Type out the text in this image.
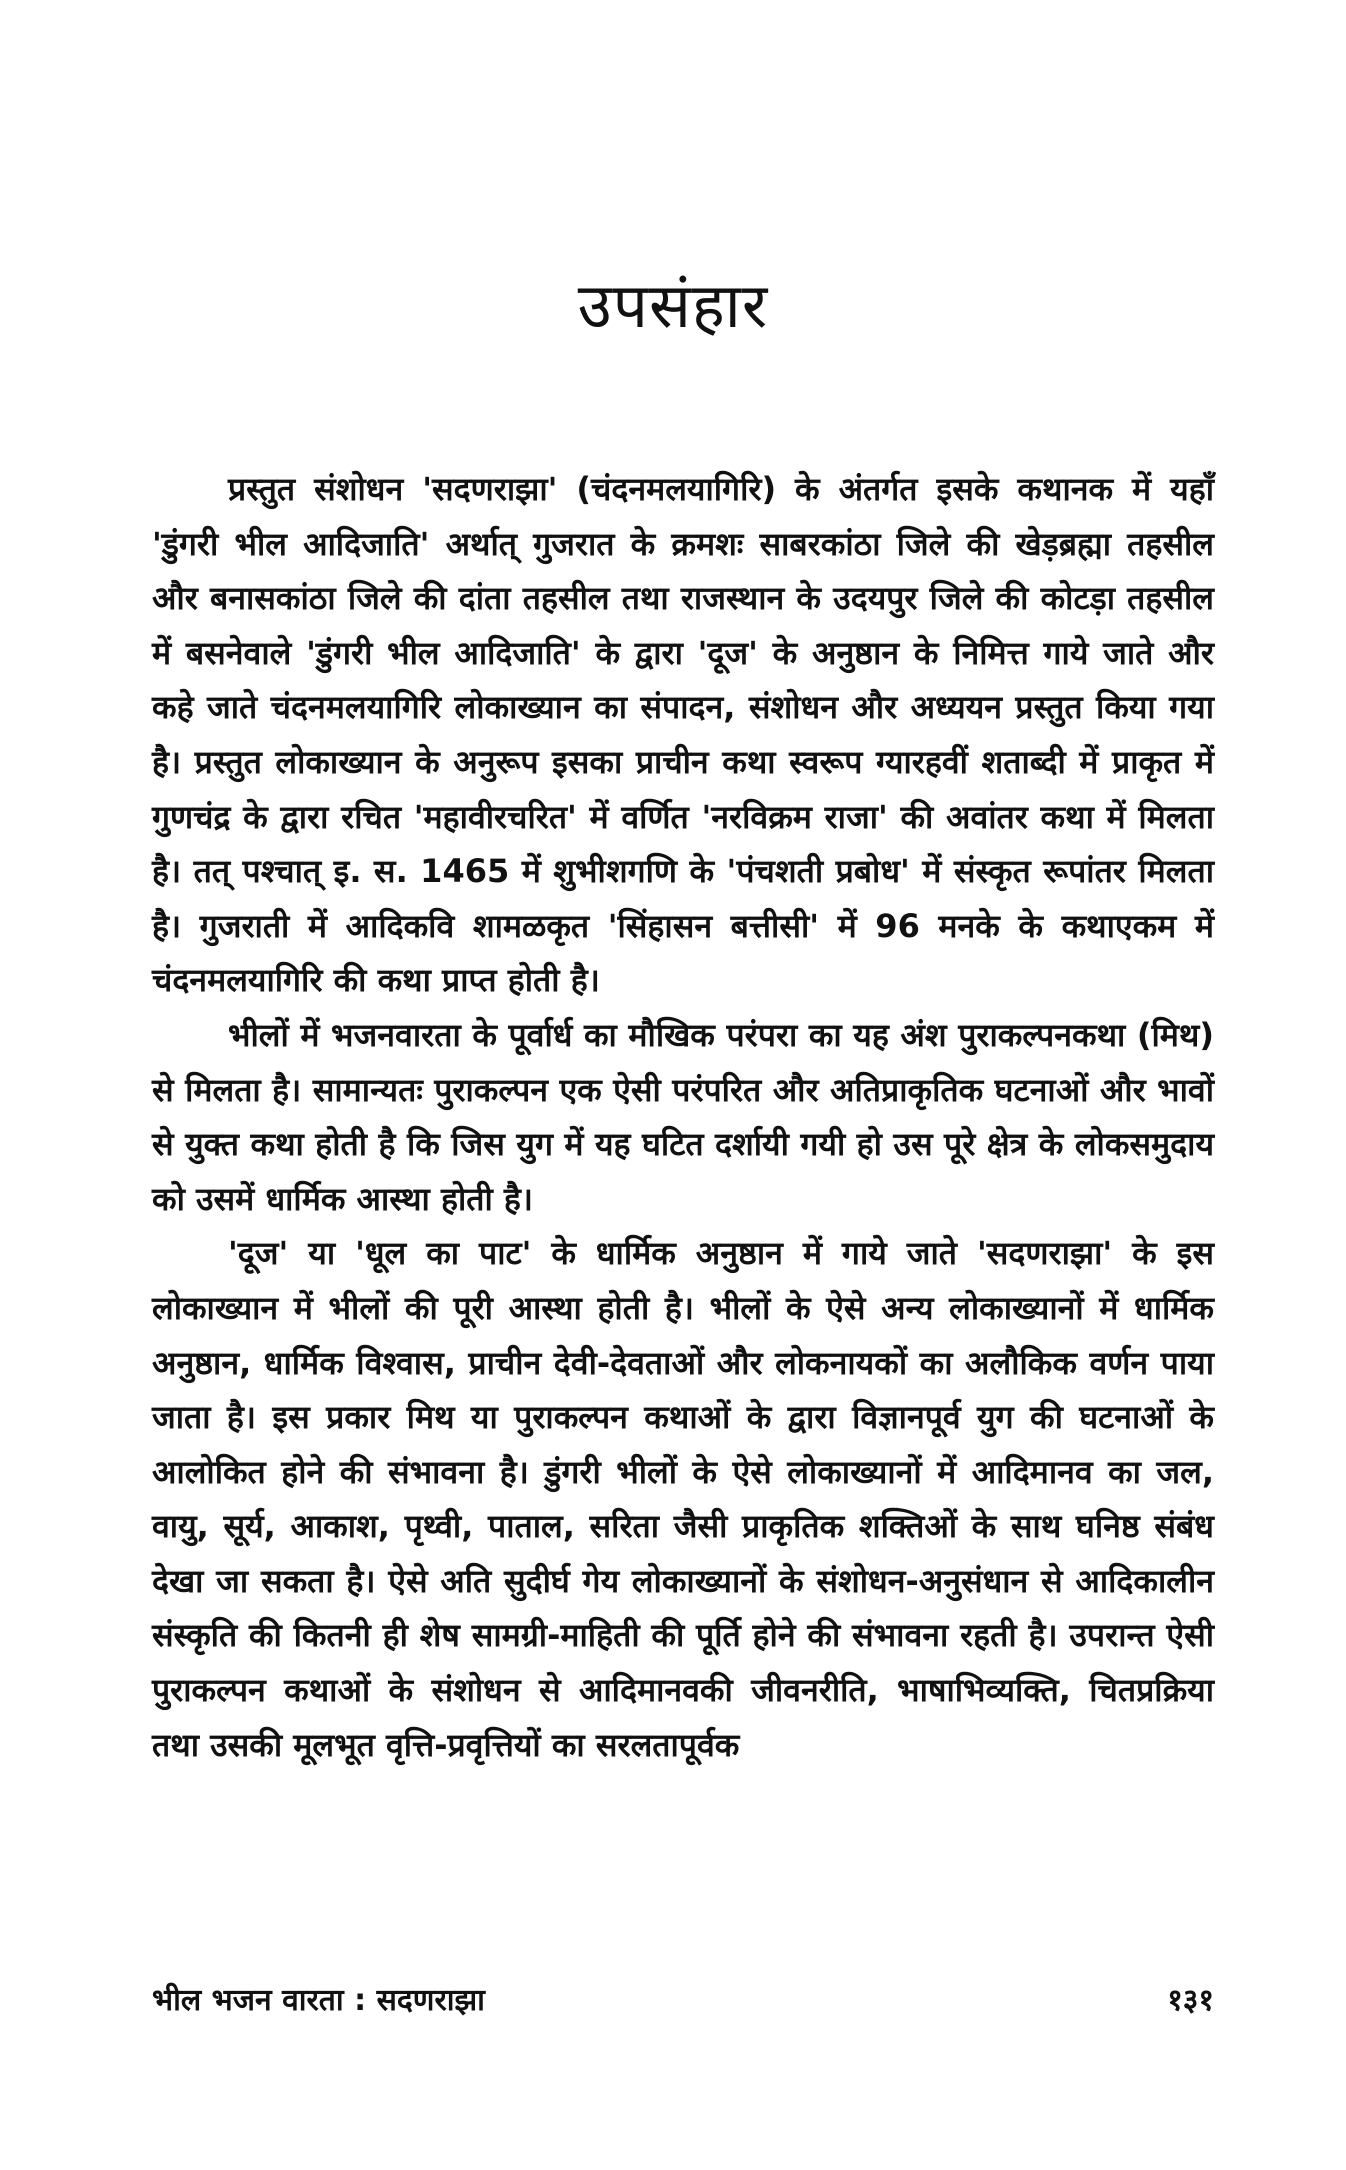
उपसंहार

प्रस्तुत संशोधन 'सदणराझा' (चंदनमलयागिरि) के अंतर्गत इसके कथानक में यहाँ 'डुंगरी भील आदिजाति' अर्थात् गुजरात के क्रमशः साबरकांठा जिले की खेड़ब्रह्मा तहसील और बनासकांठा जिले की दांता तहसील तथा राजस्थान के उदयपुर जिले की कोटड़ा तहसील में बसनेवाले 'डुंगरी भील आदिजाति' के द्वारा 'दूज' के अनुष्ठान के निमित्त गाये जाते और कहे जाते चंदनमलयागिरि लोकाख्यान का संपादन, संशोधन और अध्ययन प्रस्तुत किया गया है। प्रस्तुत लोकाख्यान के अनुरूप इसका प्राचीन कथा स्वरूप ग्यारहवीं शताब्दी में प्राकृत में गुणचंद्र के द्वारा रचित 'महावीरचरित' में वर्णित 'नरविक्रम राजा' की अवांतर कथा में मिलता है। तत् पश्चात् इ. स. 1465 में शुभीशगणि के 'पंचशती प्रबोध' में संस्कृत रूपांतर मिलता है। गुजराती में आदिकवि शामळकृत 'सिंहासन बत्तीसी' में 96 मनके के कथाएकम में चंदनमलयागिरि की कथा प्राप्त होती है।

भीलों में भजनवारता के पूर्वार्ध का मौखिक परंपरा का यह अंश पुराकल्पनकथा (मिथ) से मिलता है। सामान्यतः पुराकल्पन एक ऐसी परंपरित और अतिप्राकृतिक घटनाओं और भावों से युक्त कथा होती है कि जिस युग में यह घटित दर्शायी गयी हो उस पूरे क्षेत्र के लोकसमुदाय को उसमें धार्मिक आस्था होती है।

'दूज' या 'धूल का पाट' के धार्मिक अनुष्ठान में गाये जाते 'सदणराझा' के इस लोकाख्यान में भीलों की पूरी आस्था होती है। भीलों के ऐसे अन्य लोकाख्यानों में धार्मिक अनुष्ठान, धार्मिक विश्वास, प्राचीन देवी-देवताओं और लोकनायकों का अलौकिक वर्णन पाया जाता है। इस प्रकार मिथ या पुराकल्पन कथाओं के द्वारा विज्ञानपूर्व युग की घटनाओं के आलोकित होने की संभावना है। डुंगरी भीलों के ऐसे लोकाख्यानों में आदिमानव का जल, वायु, सूर्य, आकाश, पृथ्वी, पाताल, सरिता जैसी प्राकृतिक शक्तिओं के साथ घनिष्ठ संबंध देखा जा सकता है। ऐसे अति सुदीर्घ गेय लोकाख्यानों के संशोधन-अनुसंधान से आदिकालीन संस्कृति की कितनी ही शेष सामग्री-माहिती की पूर्ति होने की संभावना रहती है। उपरान्त ऐसी पुराकल्पन कथाओं के संशोधन से आदिमानवकी जीवनरीति, भाषाभिव्यक्ति, चितप्रक्रिया तथा उसकी मूलभूत वृत्ति-प्रवृत्तियों का सरलतापूर्वक

भील भजन वारता : सदणराझा	१३१
